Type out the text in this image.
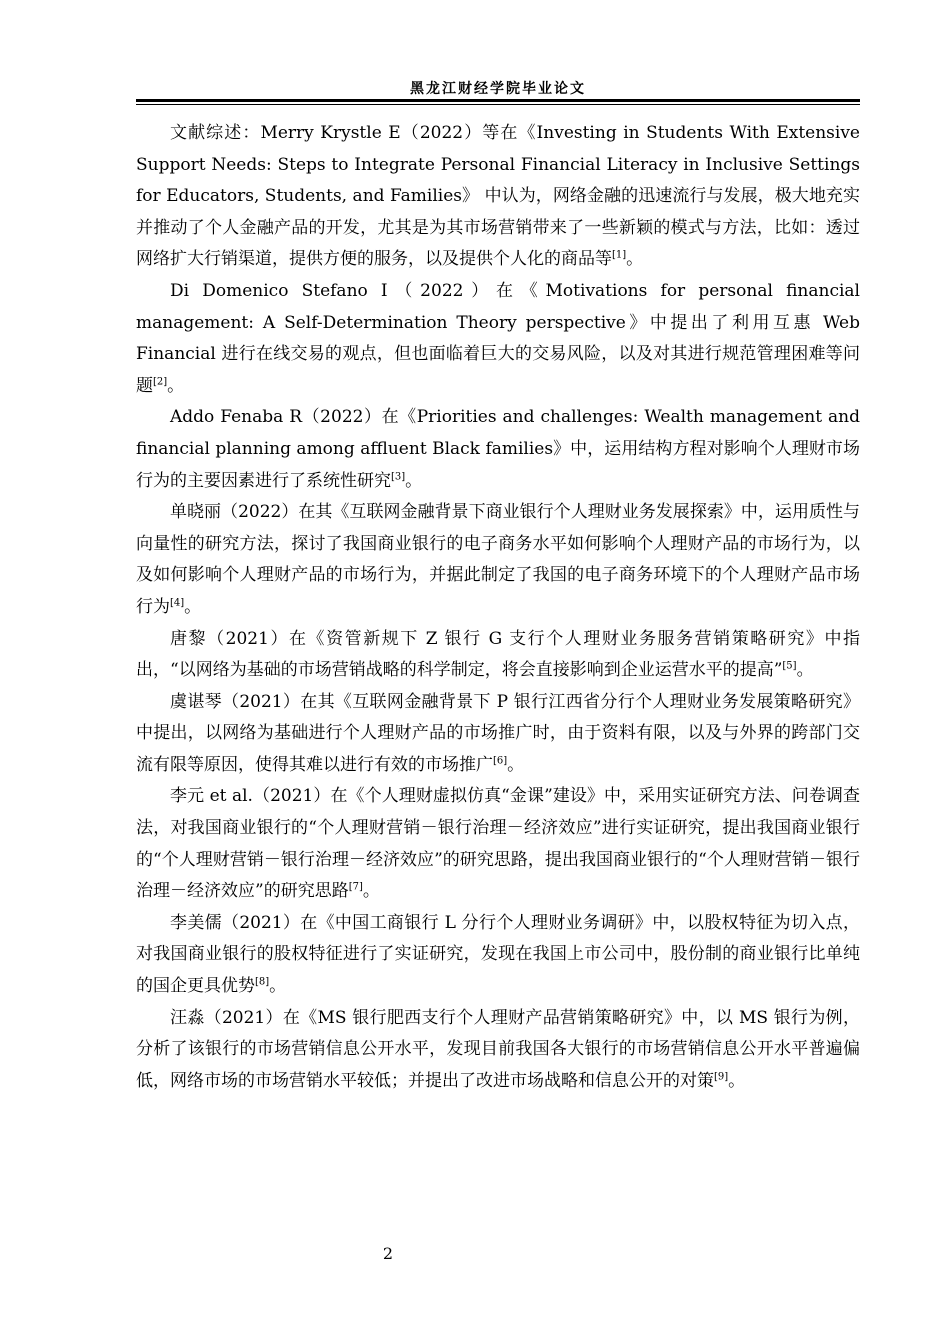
黑龙江财经学院毕业论文

文献综述：Merry Krystle E（2022）等在《Investing in Students With Extensive Support Needs: Steps to Integrate Personal Financial Literacy in Inclusive Settings for Educators, Students, and Families》 中认为，网络金融的迅速流行与发展，极大地充实并推动了个人金融产品的开发，尤其是为其市场营销带来了一些新颖的模式与方法，比如：透过网络扩大行销渠道，提供方便的服务，以及提供个人化的商品等[1]。

Di Domenico Stefano I（2022）在《Motivations for personal financial management: A Self-Determination Theory perspective》中提出了利用互惠 Web Financial 进行在线交易的观点，但也面临着巨大的交易风险，以及对其进行规范管理困难等问题[2]。

Addo Fenaba R（2022）在《Priorities and challenges: Wealth management and financial planning among affluent Black families》中，运用结构方程对影响个人理财市场行为的主要因素进行了系统性研究[3]。

单晓丽（2022）在其《互联网金融背景下商业银行个人理财业务发展探索》中，运用质性与向量性的研究方法，探讨了我国商业银行的电子商务水平如何影响个人理财产品的市场行为，以及如何影响个人理财产品的市场行为，并据此制定了我国的电子商务环境下的个人理财产品市场行为[4]。

唐黎（2021）在《资管新规下 Z 银行 G 支行个人理财业务服务营销策略研究》中指出，“以网络为基础的市场营销战略的科学制定，将会直接影响到企业运营水平的提高”[5]。

虞谌琴（2021）在其《互联网金融背景下 P 银行江西省分行个人理财业务发展策略研究》中提出，以网络为基础进行个人理财产品的市场推广时，由于资料有限，以及与外界的跨部门交流有限等原因，使得其难以进行有效的市场推广[6]。

李元 et al.（2021）在《个人理财虚拟仿真“金课”建设》中，采用实证研究方法、问卷调查法，对我国商业银行的“个人理财营销－银行治理－经济效应”进行实证研究，提出我国商业银行的“个人理财营销－银行治理－经济效应”的研究思路，提出我国商业银行的“个人理财营销－银行治理－经济效应”的研究思路[7]。

李美儒（2021）在《中国工商银行 L 分行个人理财业务调研》中，以股权特征为切入点，对我国商业银行的股权特征进行了实证研究，发现在我国上市公司中，股份制的商业银行比单纯的国企更具优势[8]。

汪淼（2021）在《MS 银行肥西支行个人理财产品营销策略研究》中，以 MS 银行为例，分析了该银行的市场营销信息公开水平，发现目前我国各大银行的市场营销信息公开水平普遍偏低，网络市场的市场营销水平较低；并提出了改进市场战略和信息公开的对策[9]。

2
